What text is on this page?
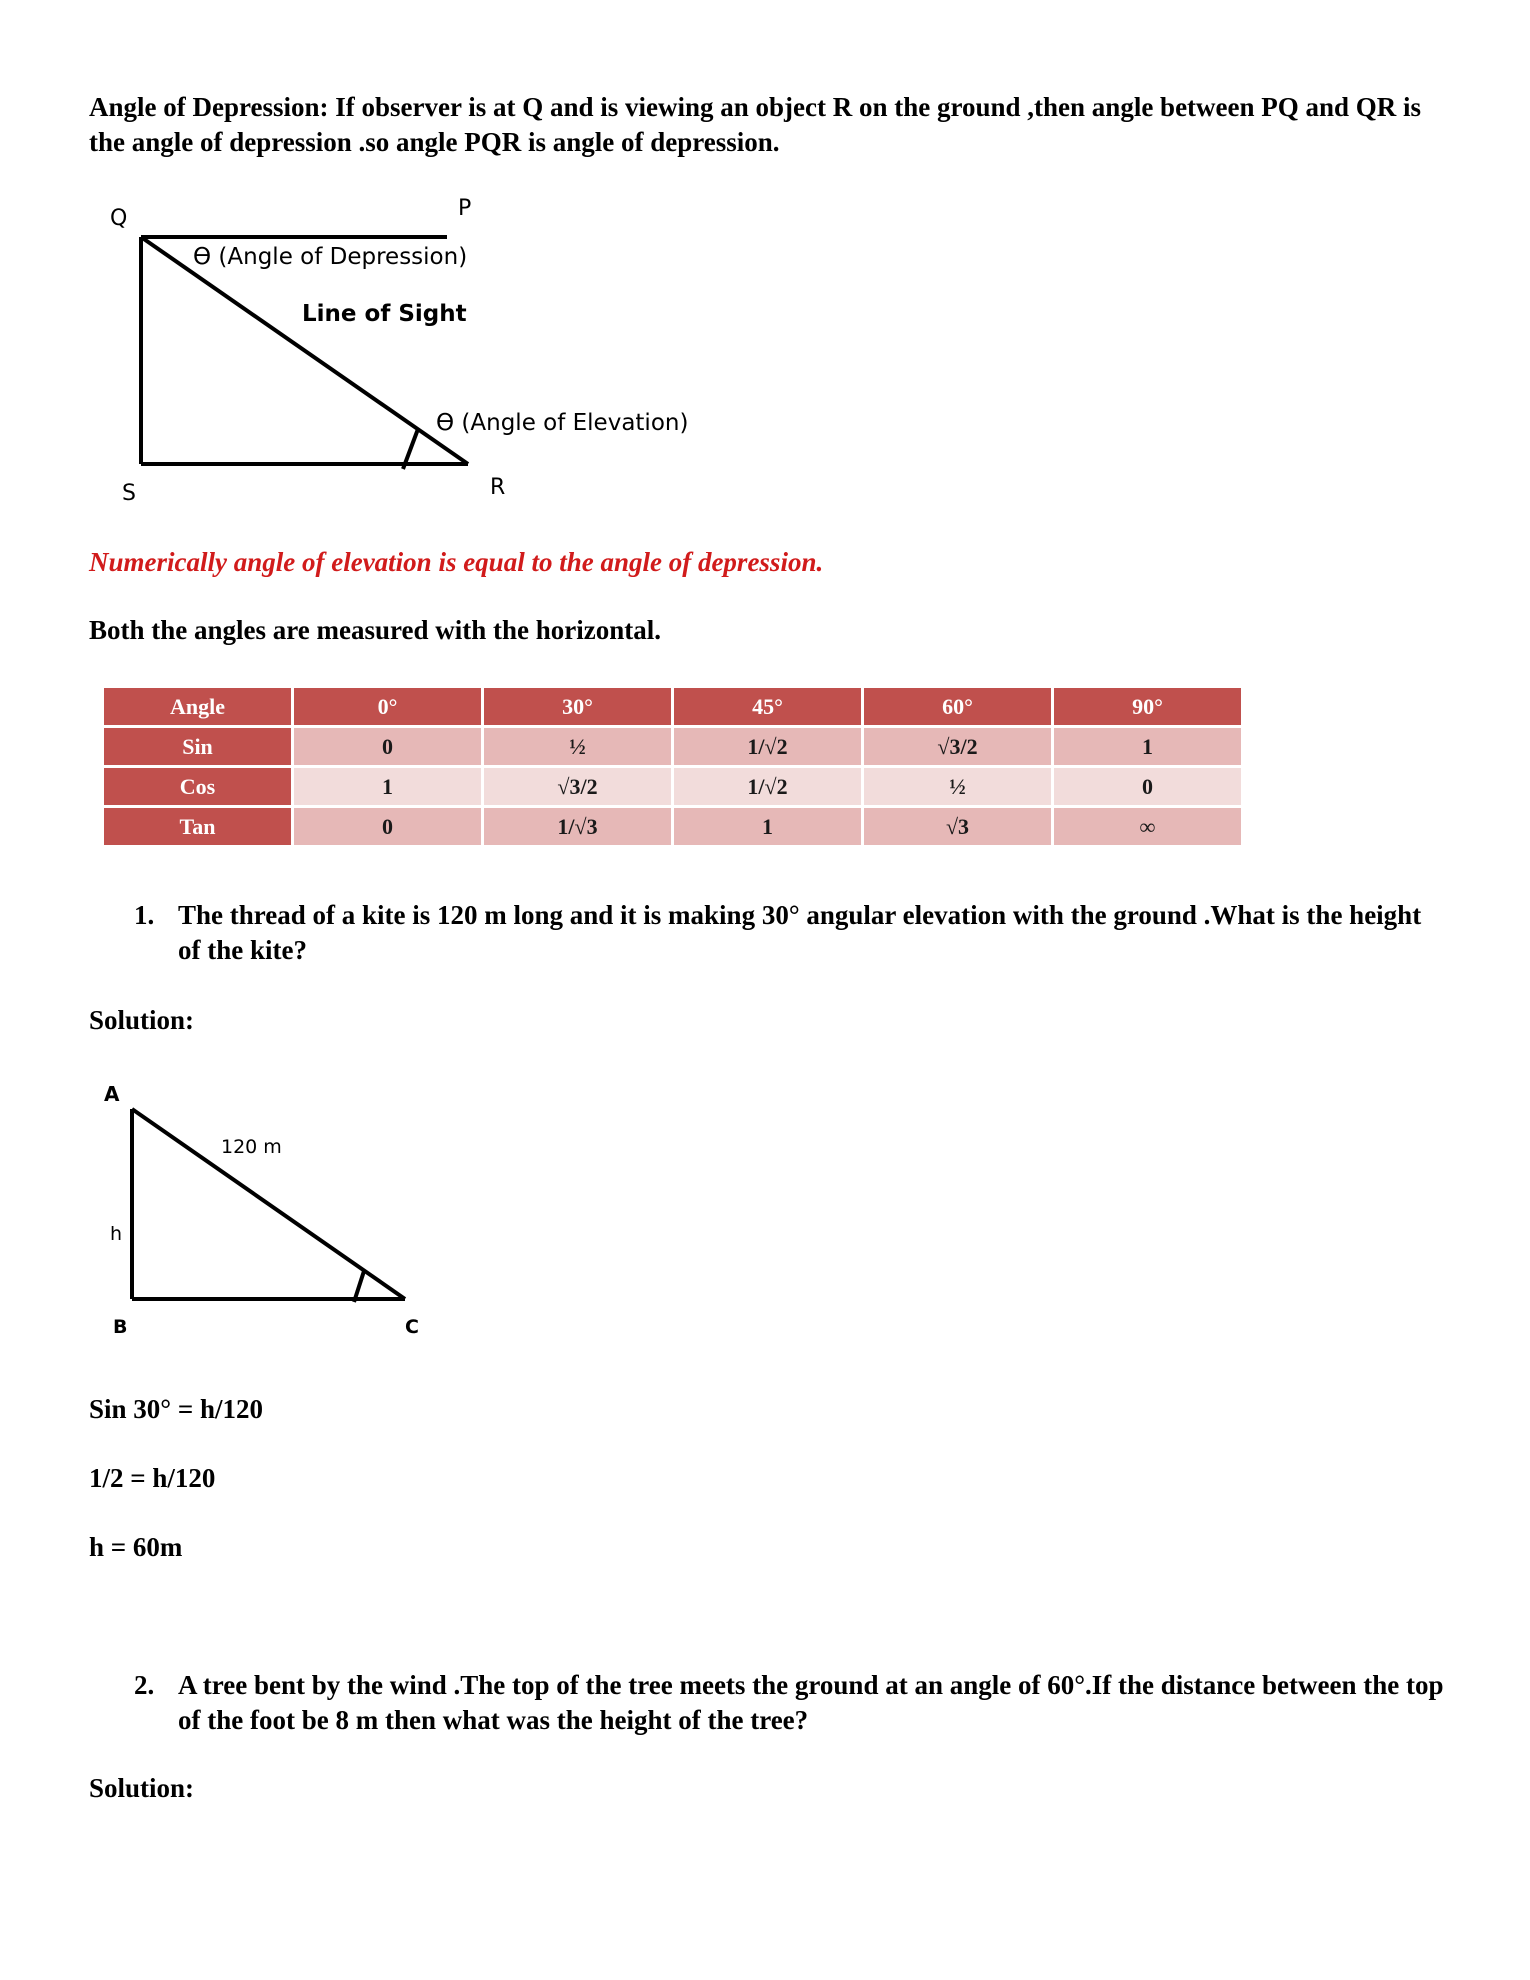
Angle of Depression: If observer is at Q and is viewing an object R on the ground ,then angle between PQ and QR is the angle of depression .so angle PQR is angle of depression.

Q	P
S	R
ϴ (Angle of Depression)
Line of Sight
ϴ (Angle of Elevation)

Numerically angle of elevation is equal to the angle of depression.

Both the angles are measured with the horizontal.

Angle	0°	30°	45°	60°	90°
Sin	0	½	1/√2	√3/2	1
Cos	1	√3/2	1/√2	½	0
Tan	0	1/√3	1	√3	∞
1. The thread of a kite is 120 m long and it is making 30° angular elevation with the ground .What is the height of the kite?

Solution:

A
h
B	C
120 m

Sin 30° = h/120

1/2 = h/120

h = 60m

2. A tree bent by the wind .The top of the tree meets the ground at an angle of 60°.If the distance between the top of the foot be 8 m then what was the height of the tree?

Solution:
